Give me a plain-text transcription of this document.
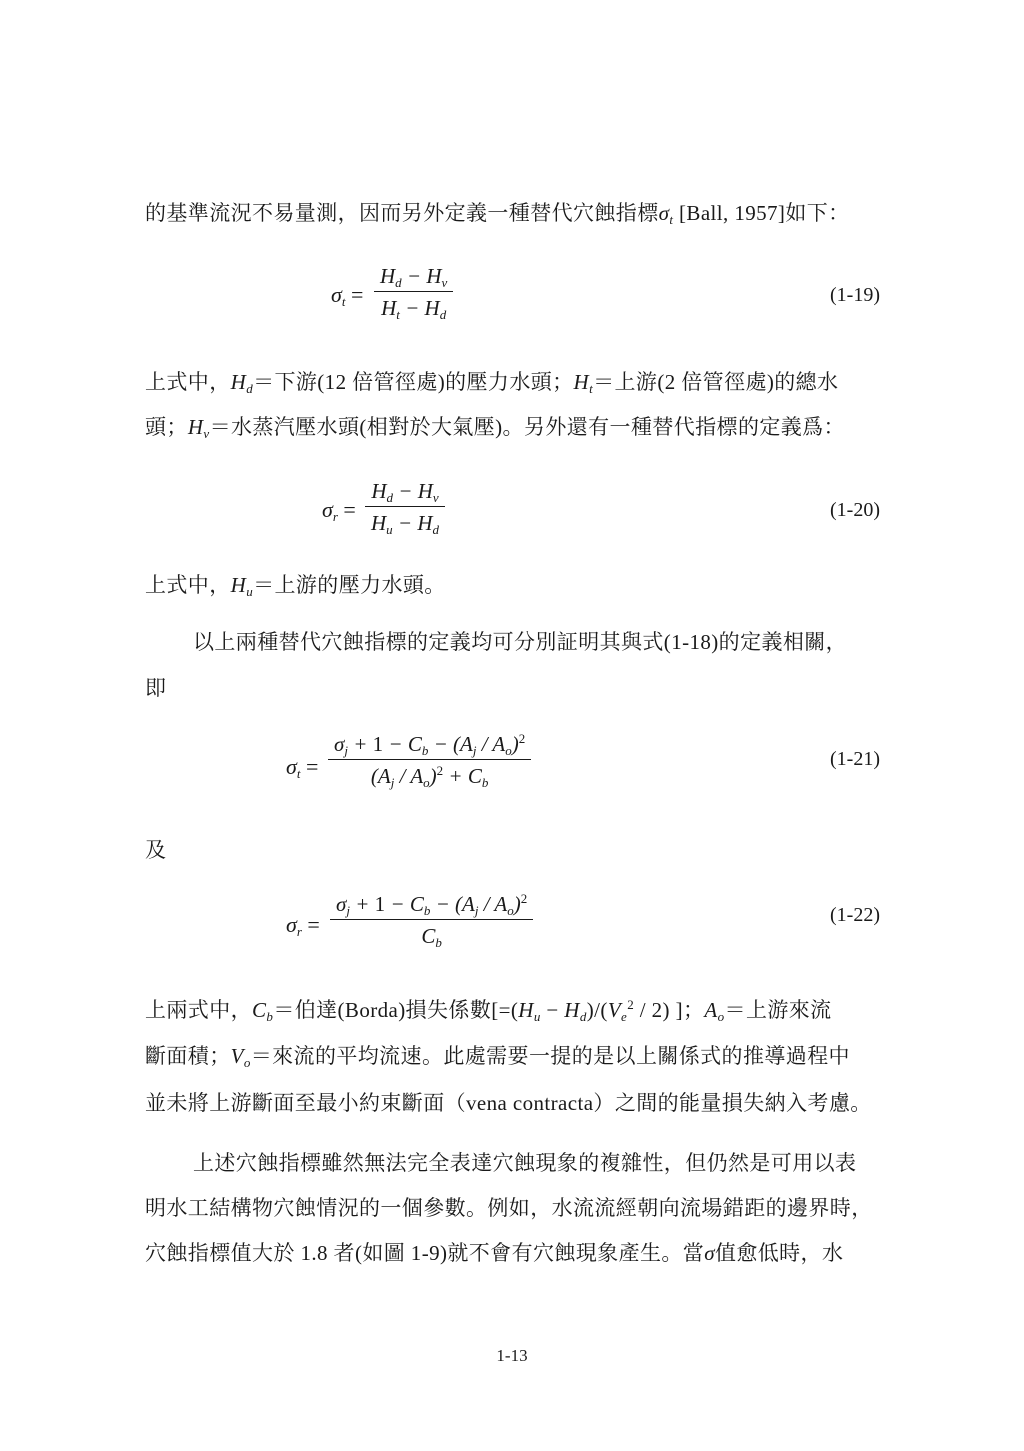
的基準流況不易量測，因而另外定義一種替代穴蝕指標$\sigma_t$ [Ball, 1957]如下：
$\sigma_t$ =
$H_d - H_v$
$H_t - H_d$
(1-19)
上式中，$H_d=$下游(12 倍管徑處)的壓力水頭；$H_t=$上游(2 倍管徑處)的總水
頭；$H_v=$水蒸汽壓水頭(相對於大氣壓)。另外還有一種替代指標的定義爲：
$\sigma_r$ =
$H_d - H_v$
$H_u - H_d$
(1-20)
上式中，$H_u=$上游的壓力水頭。
以上兩種替代穴蝕指標的定義均可分別証明其與式(1-18)的定義相關，
即
$\sigma_t$ =
$\sigma_j + 1 - C_b - (A_j / A_o)^2$
$(A_j / A_o)^2 + C_b$
(1-21)
及
$\sigma_r$ =
$\sigma_j + 1 - C_b - (A_j / A_o)^2$
$C_b$
(1-22)
上兩式中，$C_b=$伯達(Borda)損失係數[$=(H_u - H_d)/(V_e^2 / 2)$ ]；$A_o=$上游來流
斷面積；$V_o=$來流的平均流速。此處需要一提的是以上關係式的推導過程中
並未將上游斷面至最小約束斷面（vena contracta）之間的能量損失納入考慮。
上述穴蝕指標雖然無法完全表達穴蝕現象的複雜性，但仍然是可用以表
明水工結構物穴蝕情況的一個參數。例如，水流流經朝向流場錯距的邊界時，
穴蝕指標值大於 1.8 者(如圖 1-9)就不會有穴蝕現象產生。當σ值愈低時，水
1-13
